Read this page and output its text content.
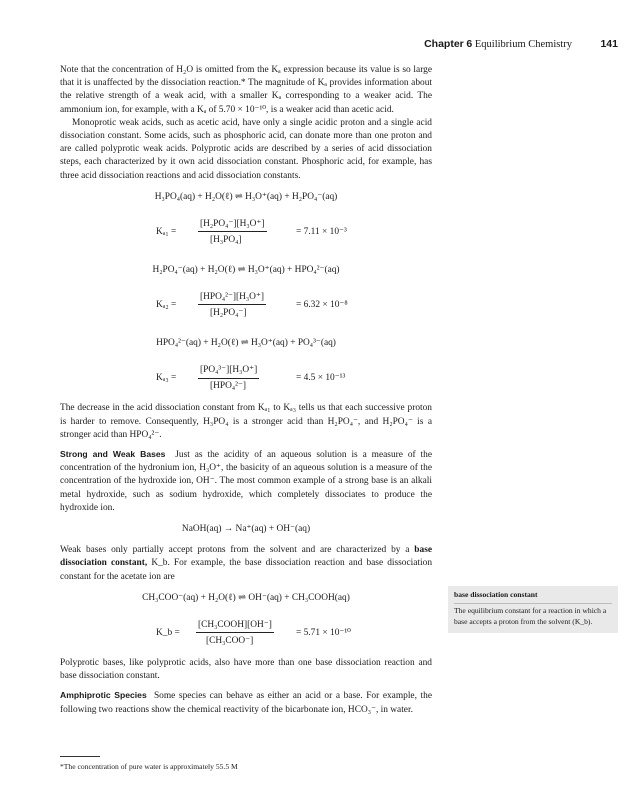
Chapter 6 Equilibrium Chemistry	141

Note that the concentration of H₂O is omitted from the Kₐ expression because its value is so large that it is unaffected by the dissociation reaction.* The magnitude of Kₐ provides information about the relative strength of a weak acid, with a smaller Kₐ corresponding to a weaker acid. The ammonium ion, for example, with a Kₐ of 5.70 × 10⁻¹⁰, is a weaker acid than acetic acid.

Monoprotic weak acids, such as acetic acid, have only a single acidic proton and a single acid dissociation constant. Some acids, such as phosphoric acid, can donate more than one proton and are called polyprotic weak acids. Polyprotic acids are described by a series of acid dissociation steps, each characterized by it own acid dissociation constant. Phosphoric acid, for example, has three acid dissociation reactions and acid dissociation constants.

H₃PO₄(aq) + H₂O(ℓ) ⇌ H₃O⁺(aq) + H₂PO₄⁻(aq)
Kₐ₁ =
[H₂PO₄⁻][H₃O⁺]
[H₃PO₄]
= 7.11 × 10⁻³
H₂PO₄⁻(aq) + H₂O(ℓ) ⇌ H₃O⁺(aq) + HPO₄²⁻(aq)
Kₐ₂ =
[HPO₄²⁻][H₃O⁺]
[H₂PO₄⁻]
= 6.32 × 10⁻⁸
HPO₄²⁻(aq) + H₂O(ℓ) ⇌ H₃O⁺(aq) + PO₄³⁻(aq)
Kₐ₃ =
[PO₄³⁻][H₃O⁺]
[HPO₄²⁻]
= 4.5 × 10⁻¹³

The decrease in the acid dissociation constant from Kₐ₁ to Kₐ₃ tells us that each successive proton is harder to remove. Consequently, H₃PO₄ is a stronger acid than H₂PO₄⁻, and H₂PO₄⁻ is a stronger acid than HPO₄²⁻.

Strong and Weak Bases Just as the acidity of an aqueous solution is a measure of the concentration of the hydronium ion, H₃O⁺, the basicity of an aqueous solution is a measure of the concentration of the hydroxide ion, OH⁻. The most common example of a strong base is an alkali metal hydroxide, such as sodium hydroxide, which completely dissociates to produce the hydroxide ion.

NaOH(aq) → Na⁺(aq) + OH⁻(aq)

Weak bases only partially accept protons from the solvent and are characterized by a base dissociation constant, K_b. For example, the base dissociation reaction and base dissociation constant for the acetate ion are

CH₃COO⁻(aq) + H₂O(ℓ) ⇌ OH⁻(aq) + CH₃COOH(aq)
K_b =
[CH₃COOH][OH⁻]
[CH₃COO⁻]
= 5.71 × 10⁻¹⁰

Polyprotic bases, like polyprotic acids, also have more than one base dissociation reaction and base dissociation constant.

Amphiprotic Species Some species can behave as either an acid or a base. For example, the following two reactions show the chemical reactivity of the bicarbonate ion, HCO₃⁻, in water.

*The concentration of pure water is approximately 55.5 M
base dissociation constant
The equilibrium constant for a reaction in which a base accepts a proton from the solvent (K_b).
